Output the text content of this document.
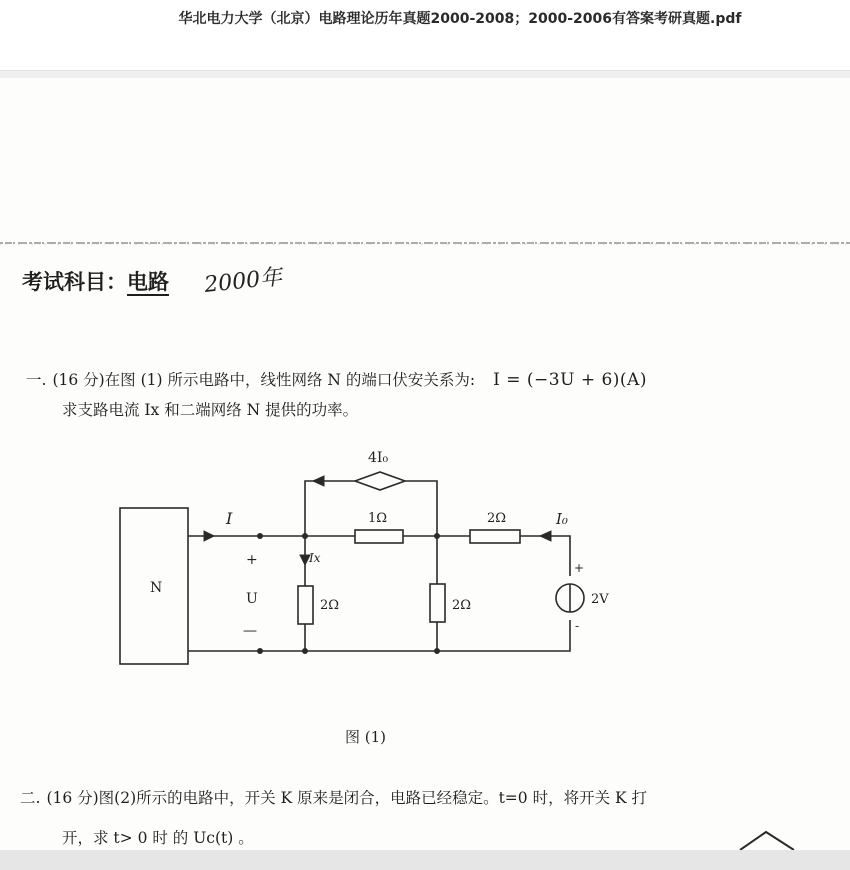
华北电力大学（北京）电路理论历年真题2000-2008；2000-2006有答案考研真题.pdf
考试科目：电路 2000年
一. (16 分)在图 (1) 所示电路中，线性网络 N 的端口伏安关系为: I = (−3U + 6)(A)
求支路电流 Ix 和二端网络 N 提供的功率。
4I₀
1Ω	2Ω
2Ω	2Ω
N
I
Ix
I₀
+
U
—
+
2V
-
图 (1)
二. (16 分)图(2)所示的电路中，开关 K 原来是闭合，电路已经稳定。t=0 时，将开关 K 打
开，求 t> 0 时 的 Uc(t) 。
